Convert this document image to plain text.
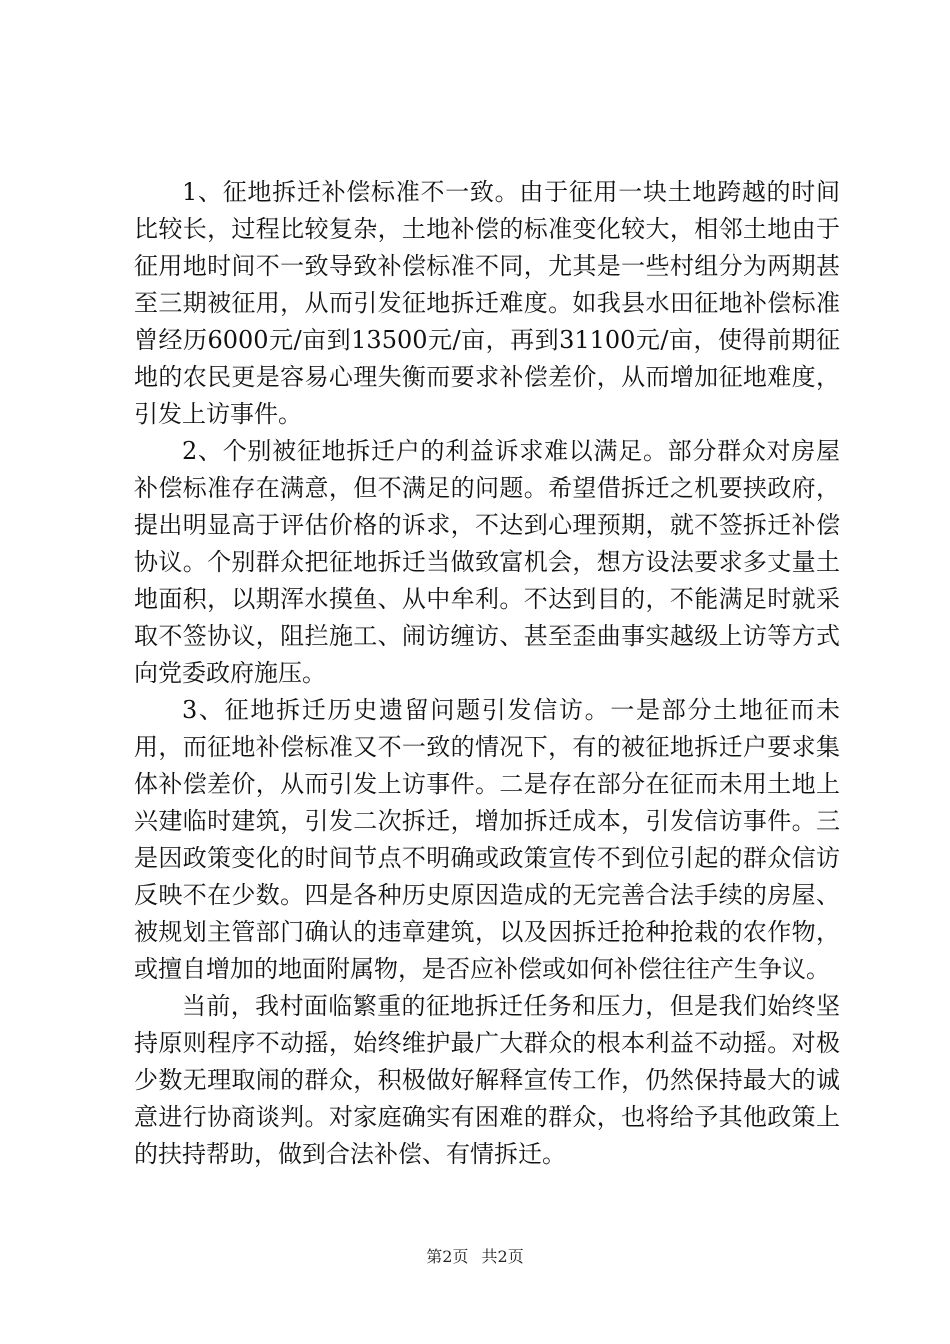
1、征地拆迁补偿标准不一致。由于征用一块土地跨越的时间比较长，过程比较复杂，土地补偿的标准变化较大，相邻土地由于征用地时间不一致导致补偿标准不同，尤其是一些村组分为两期甚至三期被征用，从而引发征地拆迁难度。如我县水田征地补偿标准曾经历6000元/亩到13500元/亩，再到31100元/亩，使得前期征地的农民更是容易心理失衡而要求补偿差价，从而增加征地难度，引发上访事件。

2、个别被征地拆迁户的利益诉求难以满足。部分群众对房屋补偿标准存在满意，但不满足的问题。希望借拆迁之机要挟政府，提出明显高于评估价格的诉求，不达到心理预期，就不签拆迁补偿协议。个别群众把征地拆迁当做致富机会，想方设法要求多丈量土地面积，以期浑水摸鱼、从中牟利。不达到目的，不能满足时就采取不签协议，阻拦施工、闹访缠访、甚至歪曲事实越级上访等方式向党委政府施压。

3、征地拆迁历史遗留问题引发信访。一是部分土地征而未用，而征地补偿标准又不一致的情况下，有的被征地拆迁户要求集体补偿差价，从而引发上访事件。二是存在部分在征而未用土地上兴建临时建筑，引发二次拆迁，增加拆迁成本，引发信访事件。三是因政策变化的时间节点不明确或政策宣传不到位引起的群众信访反映不在少数。四是各种历史原因造成的无完善合法手续的房屋、被规划主管部门确认的违章建筑，以及因拆迁抢种抢栽的农作物，或擅自增加的地面附属物，是否应补偿或如何补偿往往产生争议。

当前，我村面临繁重的征地拆迁任务和压力，但是我们始终坚持原则程序不动摇，始终维护最广大群众的根本利益不动摇。对极少数无理取闹的群众，积极做好解释宣传工作，仍然保持最大的诚意进行协商谈判。对家庭确实有困难的群众，也将给予其他政策上的扶持帮助，做到合法补偿、有情拆迁。

第2页 共2页
